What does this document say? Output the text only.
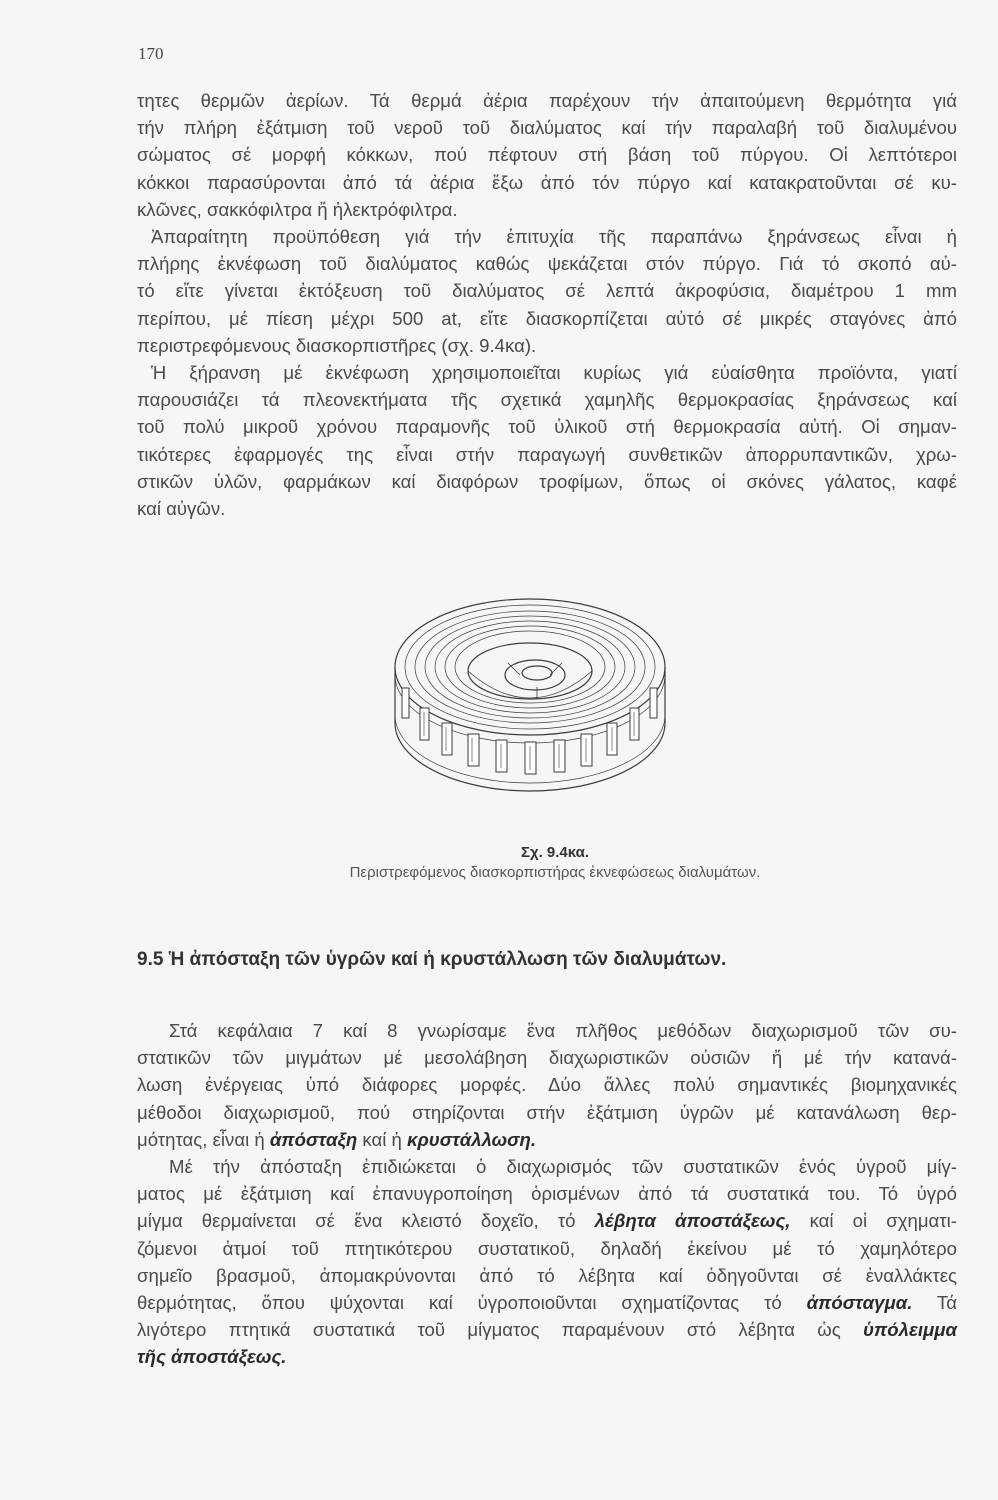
170

τητες θερμῶν ἀερίων. Τά θερμά ἀέρια παρέχουν τήν ἀπαιτούμενη θερμότητα γιά
τήν πλήρη ἐξάτμιση τοῦ νεροῦ τοῦ διαλύματος καί τήν παραλαβή τοῦ διαλυμένου
σώματος σέ μορφή κόκκων, πού πέφτουν στή βάση τοῦ πύργου. Οἱ λεπτότεροι
κόκκοι παρασύρονται ἀπό τά ἀέρια ἔξω ἀπό τόν πύργο καί κατακρατοῦνται σέ κυ-
κλῶνες, σακκόφιλτρα ἤ ἠλεκτρόφιλτρα.

Ἀπαραίτητη προϋπόθεση γιά τήν ἐπιτυχία τῆς παραπάνω ξηράνσεως εἶναι ἡ
πλήρης ἐκνέφωση τοῦ διαλύματος καθώς ψεκάζεται στόν πύργο. Γιά τό σκοπό αὐ-
τό εἴτε γίνεται ἐκτόξευση τοῦ διαλύματος σέ λεπτά ἀκροφύσια, διαμέτρου 1 mm
περίπου, μέ πίεση μέχρι 500 at, εἴτε διασκορπίζεται αὐτό σέ μικρές σταγόνες ἀπό
περιστρεφόμενους διασκορπιστῆρες (σχ. 9.4κα).

Ἡ ξήρανση μέ ἐκνέφωση χρησιμοποιεῖται κυρίως γιά εὐαίσθητα προϊόντα, γιατί
παρουσιάζει τά πλεονεκτήματα τῆς σχετικά χαμηλῆς θερμοκρασίας ξηράνσεως καί
τοῦ πολύ μικροῦ χρόνου παραμονῆς τοῦ ὑλικοῦ στή θερμοκρασία αὐτή. Οἱ σημαν-
τικότερες ἐφαρμογές της εἶναι στήν παραγωγή συνθετικῶν ἀπορρυπαντικῶν, χρω-
στικῶν ὑλῶν, φαρμάκων καί διαφόρων τροφίμων, ὅπως οἱ σκόνες γάλατος, καφέ
καί αὐγῶν.

Σχ. 9.4κα.
Περιστρεφόμενος διασκορπιστήρας ἐκνεφώσεως διαλυμάτων.
9.5 Ἡ ἀπόσταξη τῶν ὑγρῶν καί ἡ κρυστάλλωση τῶν διαλυμάτων.

Στά κεφάλαια 7 καί 8 γνωρίσαμε ἕνα πλῆθος μεθόδων διαχωρισμοῦ τῶν συ-
στατικῶν τῶν μιγμάτων μέ μεσολάβηση διαχωριστικῶν οὐσιῶν ἤ μέ τήν κατανά-
λωση ἐνέργειας ὑπό διάφορες μορφές. Δύο ἄλλες πολύ σημαντικές βιομηχανικές
μέθοδοι διαχωρισμοῦ, πού στηρίζονται στήν ἐξάτμιση ὑγρῶν μέ κατανάλωση θερ-
μότητας, εἶναι ἡ ἀπόσταξη καί ἡ κρυστάλλωση.

Μέ τήν ἀπόσταξη ἐπιδιώκεται ὁ διαχωρισμός τῶν συστατικῶν ἑνός ὑγροῦ μίγ-
ματος μέ ἐξάτμιση καί ἐπανυγροποίηση ὁρισμένων ἀπό τά συστατικά του. Τό ὑγρό
μίγμα θερμαίνεται σέ ἕνα κλειστό δοχεῖο, τό λέβητα ἀποστάξεως, καί οἱ σχηματι-
ζόμενοι ἀτμοί τοῦ πτητικότερου συστατικοῦ, δηλαδή ἐκείνου μέ τό χαμηλότερο
σημεῖο βρασμοῦ, ἀπομακρύνονται ἀπό τό λέβητα καί ὁδηγοῦνται σέ ἐναλλάκτες
θερμότητας, ὅπου ψύχονται καί ὑγροποιοῦνται σχηματίζοντας τό ἀπόσταγμα. Τά
λιγότερο πτητικά συστατικά τοῦ μίγματος παραμένουν στό λέβητα ὡς ὑπόλειμμα
τῆς ἀποστάξεως.
